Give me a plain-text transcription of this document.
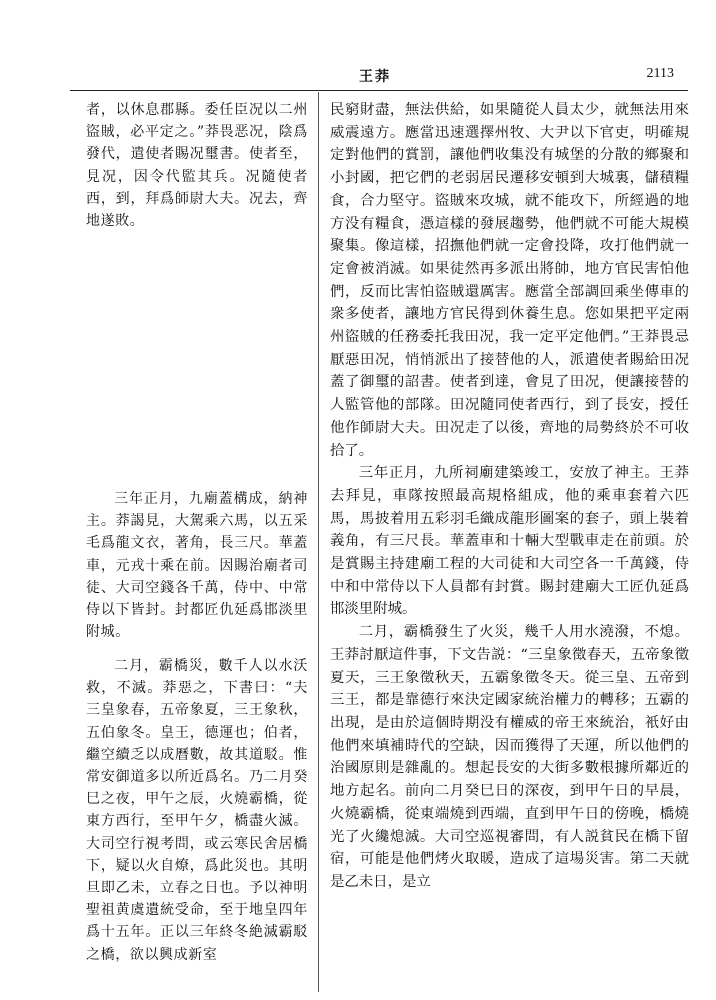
王莽	2113

者，以休息郡縣。委任臣况以二州盜賊，必平定之。”莽畏恶况，陰爲發代，遣使者賜况璽書。使者至，見况，因令代監其兵。况隨使者西，到，拜爲師尉大夫。况去，齊地遂敗。

三年正月，九廟蓋構成，納神主。莽謁見，大駕乘六馬，以五采毛爲龍文衣，著角，長三尺。華蓋車，元戎十乘在前。因賜治廟者司徒、大司空錢各千萬，侍中、中常侍以下皆封。封都匠仇延爲邯淡里附城。

二月，霸橋災，數千人以水沃救，不滅。莽惡之，下書曰：“夫三皇象春，五帝象夏，三王象秋，五伯象冬。皇王，德運也；伯者，繼空續乏以成曆數，故其道駁。惟常安御道多以所近爲名。乃二月癸巳之夜，甲午之辰，火燒霸橋，從東方西行，至甲午夕，橋盡火滅。大司空行視考問，或云寒民舍居橋下，疑以火自燎，爲此災也。其明旦即乙未，立春之日也。予以神明聖祖黄虞遺統受命，至于地皇四年爲十五年。正以三年終冬絶滅霸駁之橋，欲以興成新室

民窮財盡，無法供給，如果隨從人員太少，就無法用來威震遠方。應當迅速選擇州牧、大尹以下官吏，明確規定對他們的賞罰，讓他們收集没有城堡的分散的鄉聚和小封國，把它們的老弱居民遷移安頓到大城裏，儲積糧食，合力堅守。盜賊來攻城，就不能攻下，所經過的地方没有糧食，憑這樣的發展趨勢，他們就不可能大規模聚集。像這樣，招撫他們就一定會投降，攻打他們就一定會被消滅。如果徒然再多派出將帥，地方官民害怕他們，反而比害怕盜賊還厲害。應當全部調回乘坐傳車的衆多使者，讓地方官民得到休養生息。您如果把平定兩州盜賊的任務委托我田况，我一定平定他們。”王莽畏忌厭惡田况，悄悄派出了接替他的人，派遣使者賜給田况蓋了御璽的詔書。使者到達，會見了田况，便讓接替的人監管他的部隊。田况隨同使者西行，到了長安，授任他作師尉大夫。田况走了以後，齊地的局勢終於不可收拾了。

三年正月，九所祠廟建築竣工，安放了神主。王莽去拜見，車隊按照最高規格組成，他的乘車套着六匹馬，馬披着用五彩羽毛織成龍形圖案的套子，頭上裝着義角，有三尺長。華蓋車和十輛大型戰車走在前頭。於是賞賜主持建廟工程的大司徒和大司空各一千萬錢，侍中和中常侍以下人員都有封賞。賜封建廟大工匠仇延爲邯淡里附城。

二月，霸橋發生了火災，幾千人用水澆潑，不熄。王莽討厭這件事，下文告説：“三皇象徵春天，五帝象徵夏天，三王象徵秋天，五霸象徵冬天。從三皇、五帝到三王，都是靠德行來決定國家統治權力的轉移；五霸的出現，是由於這個時期没有權威的帝王來統治，衹好由他們來填補時代的空缺，因而獲得了天運，所以他們的治國原則是雜亂的。想起長安的大街多數根據所鄰近的地方起名。前向二月癸巳日的深夜，到甲午日的早晨，火燒霸橋，從東端燒到西端，直到甲午日的傍晚，橋燒光了火纔熄滅。大司空巡視審問，有人説貧民在橋下留宿，可能是他們烤火取暖，造成了這場災害。第二天就是乙未日，是立
